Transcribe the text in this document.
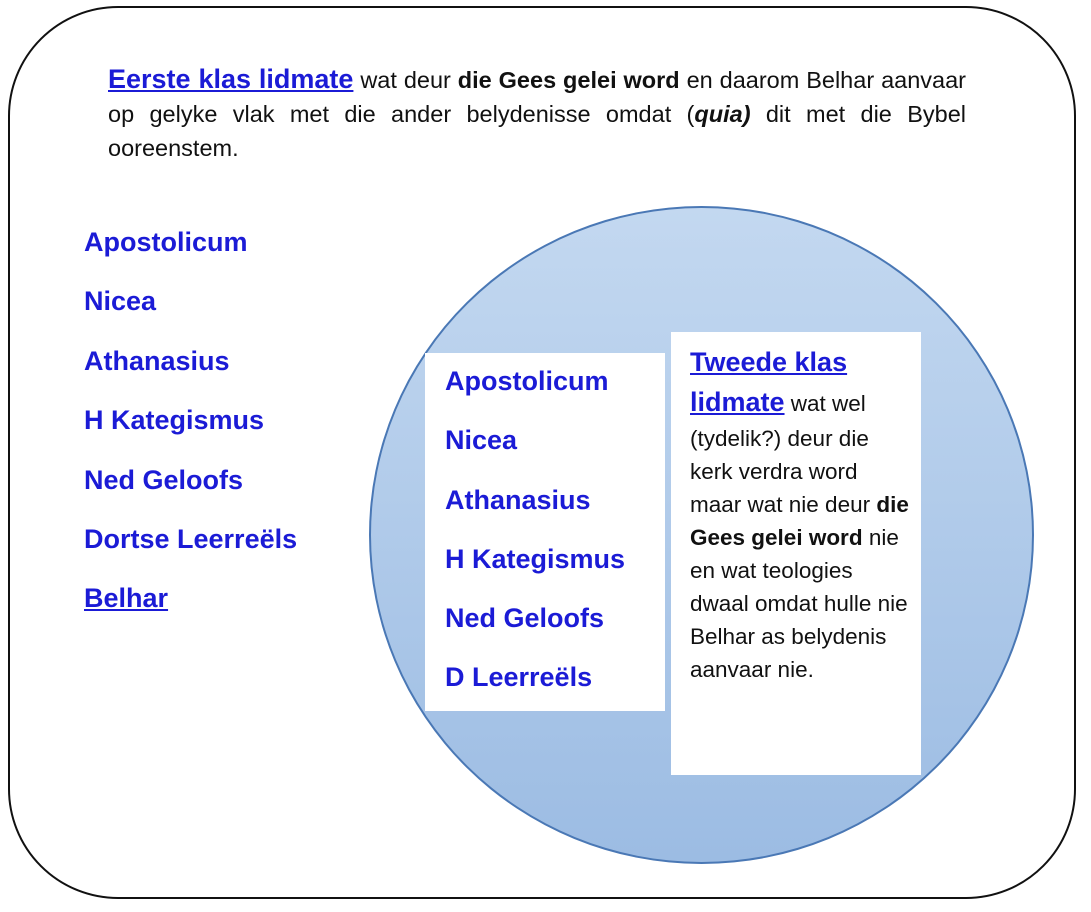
Eerste klas lidmate wat deur die Gees gelei word en daarom Belhar aanvaar op gelyke vlak met die ander belydenisse omdat (quia) dit met die Bybel ooreenstem.

Apostolicum
Nicea
Athanasius
H Kategismus
Ned Geloofs
Dortse Leerreëls
Belhar
Apostolicum
Nicea
Athanasius
H Kategismus
Ned Geloofs
D Leerreëls

Tweede klas lidmate wat wel (tydelik?) deur die kerk verdra word maar wat nie deur die Gees gelei word nie en wat teologies dwaal omdat hulle nie Belhar as belydenis aanvaar nie.
